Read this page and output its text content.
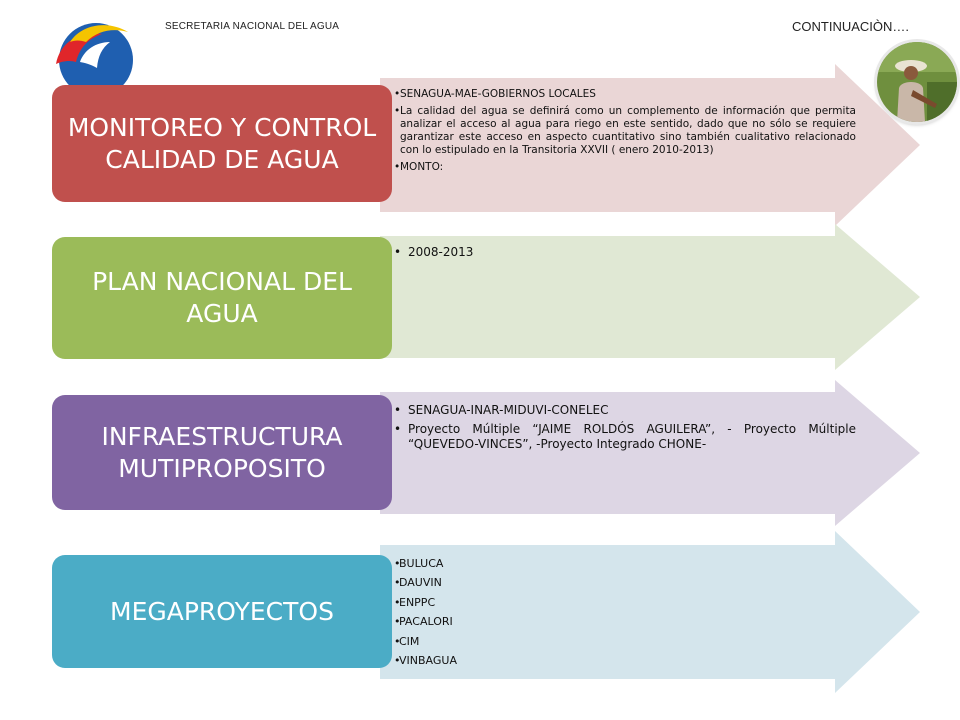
SECRETARIA NACIONAL DEL AGUA	CONTINUACIÒN….
MONITOREO Y CONTROL CALIDAD DE AGUA
• SENAGUA-MAE-GOBIERNOS LOCALES
• La calidad del agua se definirá como un complemento de información que permita analizar el acceso al agua para riego en este sentido, dado que no sólo se requiere garantizar este acceso en aspecto cuantitativo sino también cualitativo relacionado con lo estipulado en la Transitoria XXVII ( enero 2010-2013)
• MONTO:
PLAN NACIONAL DEL AGUA
• 2008-2013
INFRAESTRUCTURA MUTIPROPOSITO
• SENAGUA-INAR-MIDUVI-CONELEC
• Proyecto Múltiple “JAIME ROLDÓS AGUILERA”, - Proyecto Múltiple “QUEVEDO-VINCES”, -Proyecto Integrado CHONE-
MEGAPROYECTOS
•
BULUCA
•
DAUVIN
•
ENPPC
•
PACALORI
•
CIM
•
VINBAGUA
